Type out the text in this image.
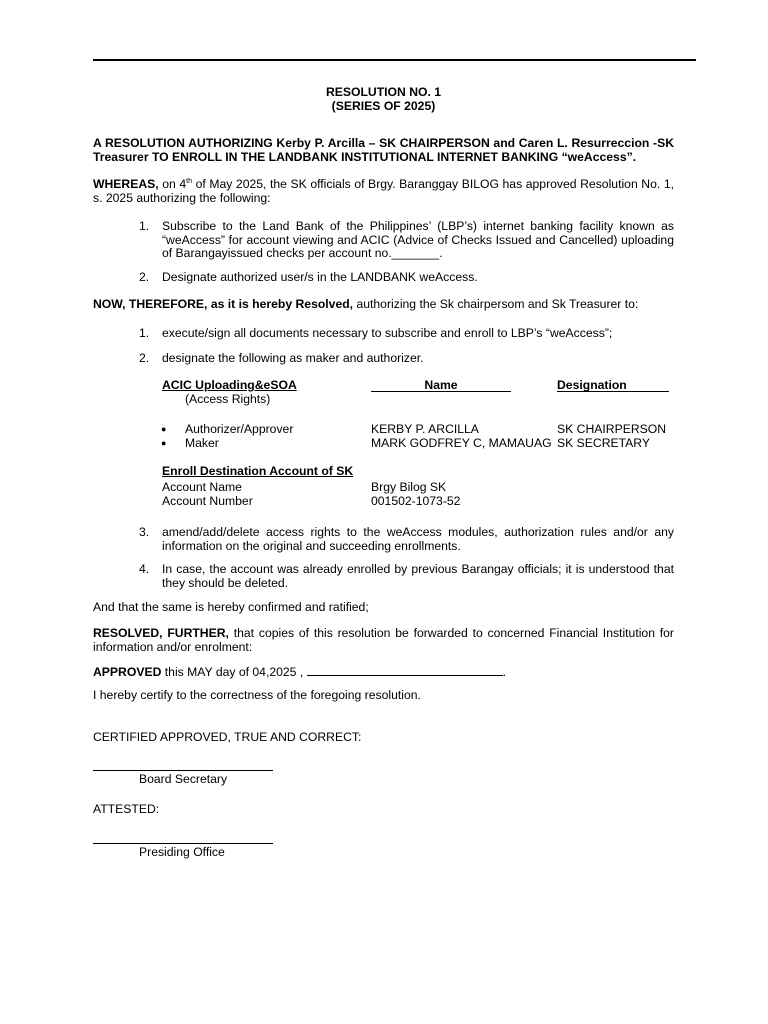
RESOLUTION NO. 1
(SERIES OF 2025)
A RESOLUTION AUTHORIZING Kerby P. Arcilla – SK CHAIRPERSON and Caren L. Resurreccion -SK Treasurer TO ENROLL IN THE LANDBANK INSTITUTIONAL INTERNET BANKING “weAccess”.
WHEREAS, on 4th of May 2025, the SK officials of Brgy. Baranggay BILOG has approved Resolution No. 1, s. 2025 authorizing the following:
1. Subscribe to the Land Bank of the Philippines’ (LBP’s) internet banking facility known as “weAccess” for account viewing and ACIC (Advice of Checks Issued and Cancelled) uploading of Barangayissued checks per account no._______.
2. Designate authorized user/s in the LANDBANK weAccess.
NOW, THEREFORE, as it is hereby Resolved, authorizing the Sk chairpersom and Sk Treasurer to:
1. execute/sign all documents necessary to subscribe and enroll to LBP’s “weAccess”;
2. designate the following as maker and authorizer.
ACIC Uploading&eSOA	Name	Designation
(Access Rights)
● Authorizer/Approver	KERBY P. ARCILLA	SK CHAIRPERSON
● Maker	MARK GODFREY C, MAMAUAG SK SECRETARY
Enroll Destination Account of SK
Account Name	Brgy Bilog SK
Account Number	001502-1073-52
3. amend/add/delete access rights to the weAccess modules, authorization rules and/or any information on the original and succeeding enrollments.
4. In case, the account was already enrolled by previous Barangay officials; it is understood that they should be deleted.
And that the same is hereby confirmed and ratified;
RESOLVED, FURTHER, that copies of this resolution be forwarded to concerned Financial Institution for information and/or enrolment:
APPROVED this MAY day of 04,2025 ,	.
I hereby certify to the correctness of the foregoing resolution.
CERTIFIED APPROVED, TRUE AND CORRECT:
Board Secretary
ATTESTED:
Presiding Office
